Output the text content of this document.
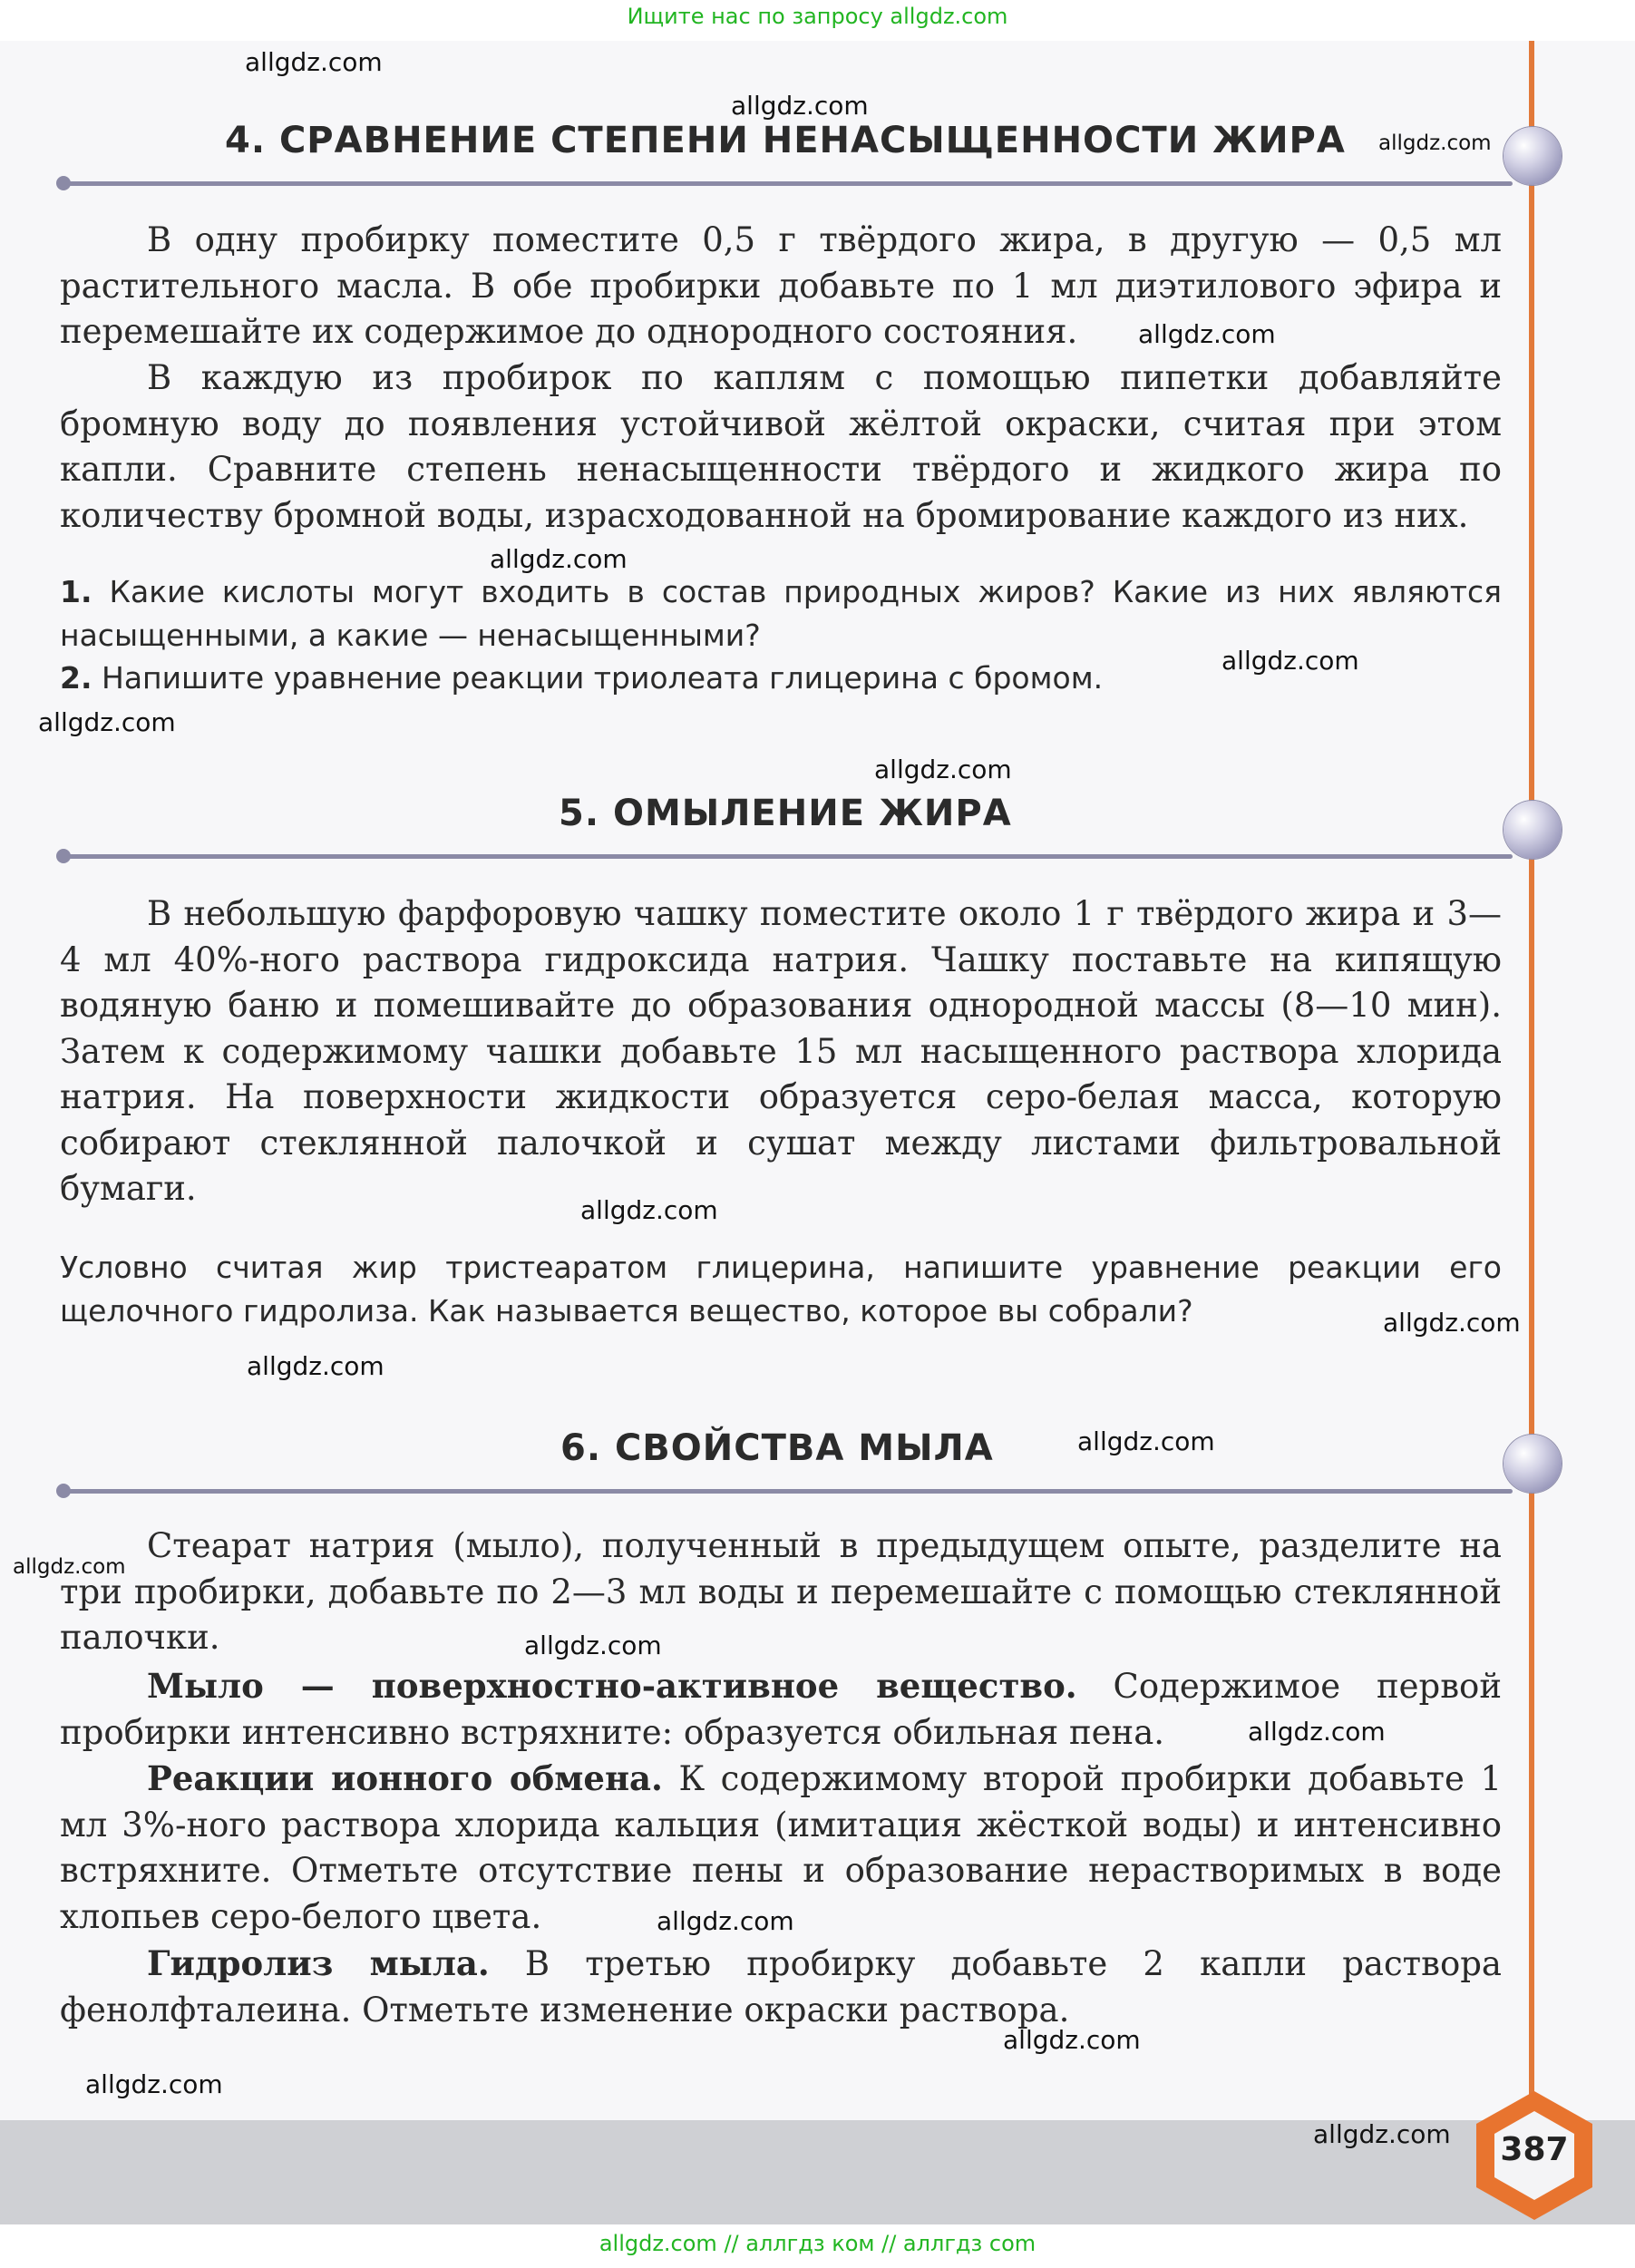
Ищите нас по запросу allgdz.com
4. СРАВНЕНИЕ СТЕПЕНИ НЕНАСЫЩЕННОСТИ ЖИРА

В одну пробирку поместите 0,5 г твёрдого жира, в другую — 0,5 мл растительного масла. В обе пробирки добавьте по 1 мл диэтилового эфира и перемешайте их содержимое до однородного состояния.

В каждую из пробирок по каплям с помощью пипетки добавляйте бромную воду до появления устойчивой жёлтой окраски, считая при этом капли. Сравните степень ненасыщенности твёрдого и жидкого жира по количеству бромной воды, израсходованной на бромирование каждого из них.

1. Какие кислоты могут входить в состав природных жиров? Какие из них являются насыщенными, а какие — ненасыщенными?

2. Напишите уравнение реакции триолеата глицерина с бромом.

5. ОМЫЛЕНИЕ ЖИРА

В небольшую фарфоровую чашку поместите около 1 г твёрдого жира и 3—4 мл 40%-ного раствора гидроксида натрия. Чашку поставьте на кипящую водяную баню и помешивайте до образования однородной массы (8—10 мин). Затем к содержимому чашки добавьте 15 мл насыщенного раствора хлорида натрия. На поверхности жидкости образуется серо-белая масса, которую собирают стеклянной палочкой и сушат между листами фильтровальной бумаги.

Условно считая жир тристеаратом глицерина, напишите уравнение реакции его щелочного гидролиза. Как называется вещество, которое вы собрали?

6. СВОЙСТВА МЫЛА

Стеарат натрия (мыло), полученный в предыдущем опыте, разделите на три пробирки, добавьте по 2—3 мл воды и перемешайте с помощью стеклянной палочки.

Мыло — поверхностно-активное вещество. Содержимое первой пробирки интенсивно встряхните: образуется обильная пена.

Реакции ионного обмена. К содержимому второй пробирки добавьте 1 мл 3%-ного раствора хлорида кальция (имитация жёсткой воды) и интенсивно встряхните. Отметьте отсутствие пены и образование нерастворимых в воде хлопьев серо-белого цвета.

Гидролиз мыла. В третью пробирку добавьте 2 капли раствора фенолфталеина. Отметьте изменение окраски раствора.

387
allgdz.com
allgdz.com
allgdz.com
allgdz.com
allgdz.com
allgdz.com
allgdz.com
allgdz.com
allgdz.com
allgdz.com
allgdz.com
allgdz.com
allgdz.com
allgdz.com
allgdz.com
allgdz.com
allgdz.com
allgdz.com
allgdz.com
allgdz.com // аллгдз ком // аллгдз com
